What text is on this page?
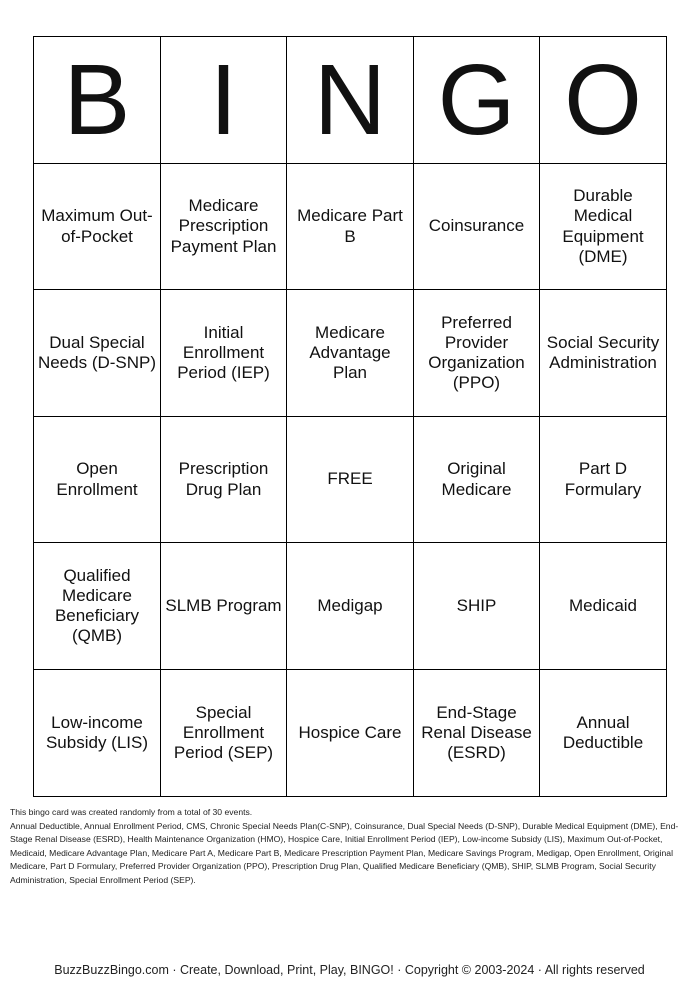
B	I	N	G	O
Maximum Out-of-Pocket	Medicare Prescription Payment Plan	Medicare Part B	Coinsurance	Durable Medical Equipment (DME)
Dual Special Needs (D-SNP)	Initial Enrollment Period (IEP)	Medicare Advantage Plan	Preferred Provider Organization (PPO)	Social Security Administration
Open Enrollment	Prescription Drug Plan	FREE	Original Medicare	Part D Formulary
Qualified Medicare Beneficiary (QMB)	SLMB Program	Medigap	SHIP	Medicaid
Low-income Subsidy (LIS)	Special Enrollment Period (SEP)	Hospice Care	End-Stage Renal Disease (ESRD)	Annual Deductible

This bingo card was created randomly from a total of 30 events.

Annual Deductible, Annual Enrollment Period, CMS, Chronic Special Needs Plan(C-SNP), Coinsurance, Dual Special Needs (D-SNP), Durable Medical Equipment (DME), End-Stage Renal Disease (ESRD), Health Maintenance Organization (HMO), Hospice Care, Initial Enrollment Period (IEP), Low-income Subsidy (LIS), Maximum Out-of-Pocket, Medicaid, Medicare Advantage Plan, Medicare Part A, Medicare Part B, Medicare Prescription Payment Plan, Medicare Savings Program, Medigap, Open Enrollment, Original Medicare, Part D Formulary, Preferred Provider Organization (PPO), Prescription Drug Plan, Qualified Medicare Beneficiary (QMB), SHIP, SLMB Program, Social Security Administration, Special Enrollment Period (SEP).

BuzzBuzzBingo.com · Create, Download, Print, Play, BINGO! · Copyright © 2003-2024 · All rights reserved
